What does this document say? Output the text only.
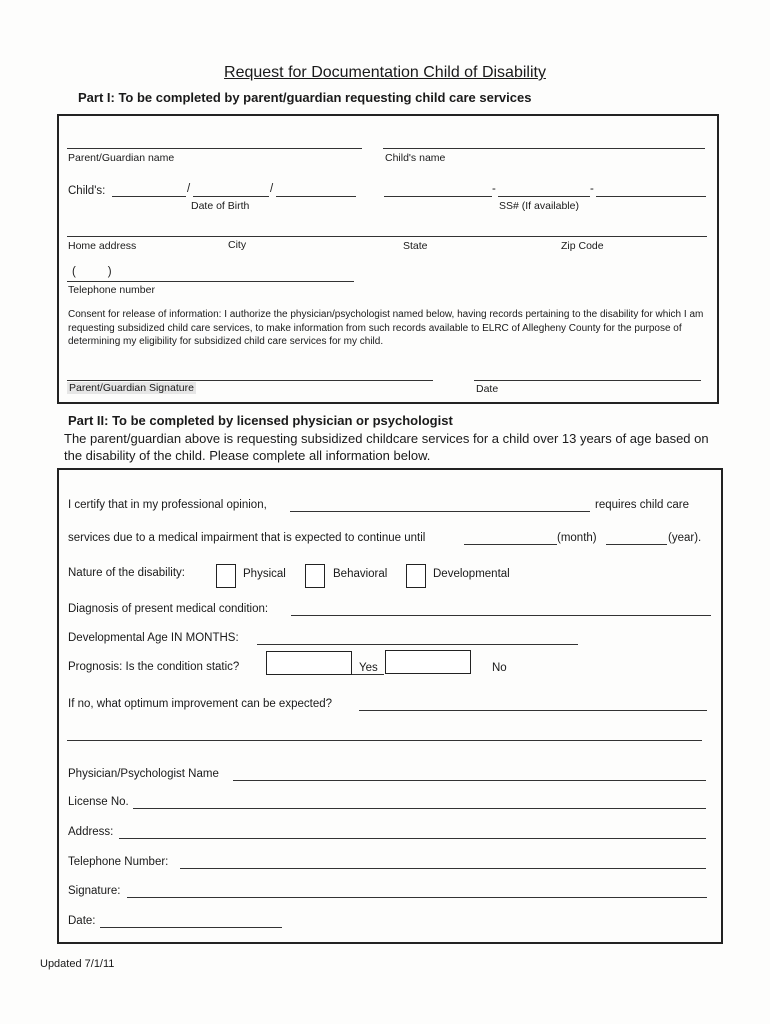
Request for Documentation Child of Disability
Part I: To be completed by parent/guardian requesting child care services
Parent/Guardian name	Child's name
Child's:	/	/
Date of Birth
-	-
SS# (If available)
Home address	City	State	Zip Code
(          )
Telephone number
Consent for release of information: I authorize the physician/psychologist named below, having records pertaining to the disability for which I am requesting subsidized child care services, to make information from such records available to ELRC of Allegheny County for the purpose of determining my eligibility for subsidized child care services for my child.
Parent/Guardian Signature	Date
Part II: To be completed by licensed physician or psychologist
The parent/guardian above is requesting subsidized childcare services for a child over 13 years of age based on the disability of the child. Please complete all information below.
I certify that in my professional opinion,	requires child care
services due to a medical impairment that is expected to continue until	(month)	(year).
Nature of the disability:	Physical	Behavioral	Developmental
Diagnosis of present medical condition:
Developmental Age IN MONTHS:
Prognosis: Is the condition static?	Yes	No
If no, what optimum improvement can be expected?
Physician/Psychologist Name
License No.
Address:
Telephone Number:
Signature:
Date:
Updated 7/1/11
